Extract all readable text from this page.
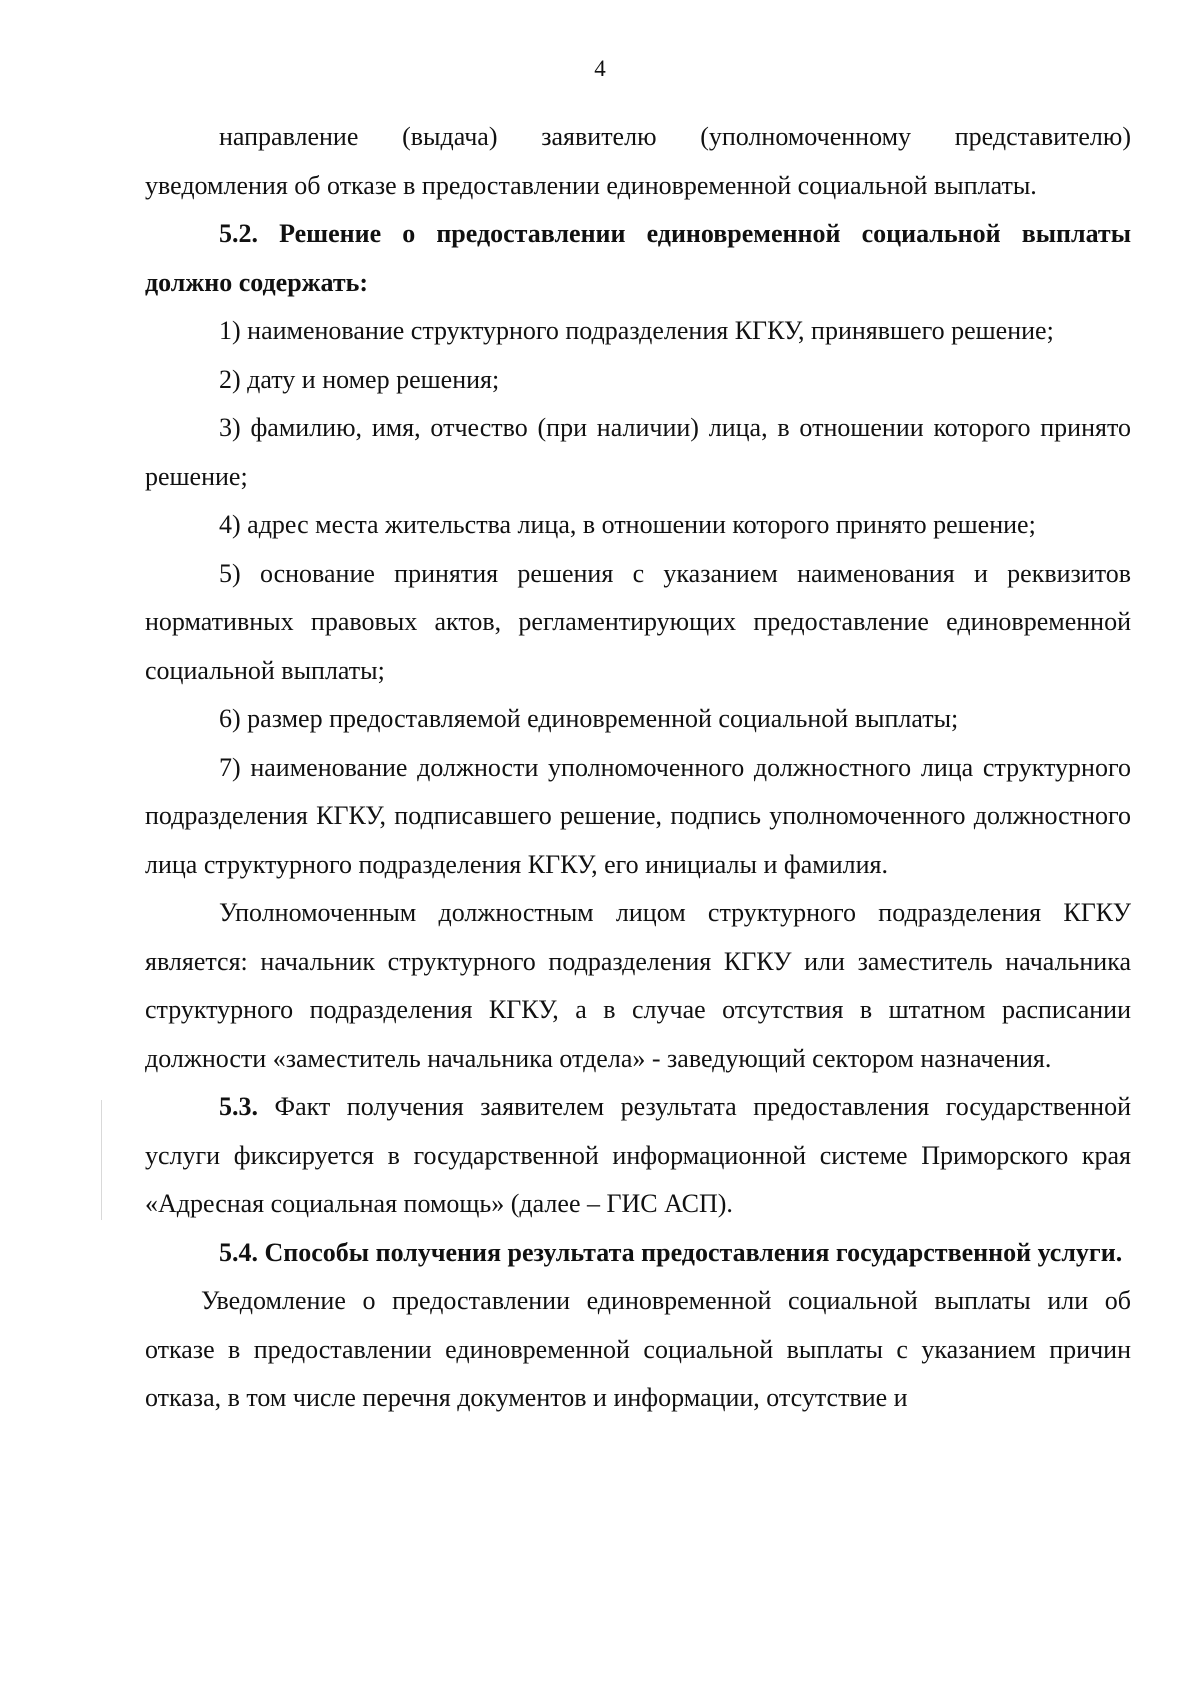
4

направление (выдача) заявителю (уполномоченному представителю) уведомления об отказе в предоставлении единовременной социальной выплаты.

5.2. Решение о предоставлении единовременной социальной выплаты должно содержать:

1) наименование структурного подразделения КГКУ, принявшего решение;

2) дату и номер решения;

3) фамилию, имя, отчество (при наличии) лица, в отношении которого принято решение;

4) адрес места жительства лица, в отношении которого принято решение;

5) основание принятия решения с указанием наименования и реквизитов нормативных правовых актов, регламентирующих предоставление единовременной социальной выплаты;

6) размер предоставляемой единовременной социальной выплаты;

7) наименование должности уполномоченного должностного лица структурного подразделения КГКУ, подписавшего решение, подпись уполномоченного должностного лица структурного подразделения КГКУ, его инициалы и фамилия.

Уполномоченным должностным лицом структурного подразделения КГКУ является: начальник структурного подразделения КГКУ или заместитель начальника структурного подразделения КГКУ, а в случае отсутствия в штатном расписании должности «заместитель начальника отдела» - заведующий сектором назначения.

5.3. Факт получения заявителем результата предоставления государственной услуги фиксируется в государственной информационной системе Приморского края «Адресная социальная помощь» (далее – ГИС АСП).

5.4. Способы получения результата предоставления государственной услуги.

Уведомление о предоставлении единовременной социальной выплаты или об отказе в предоставлении единовременной социальной выплаты с указанием причин отказа, в том числе перечня документов и информации, отсутствие и
